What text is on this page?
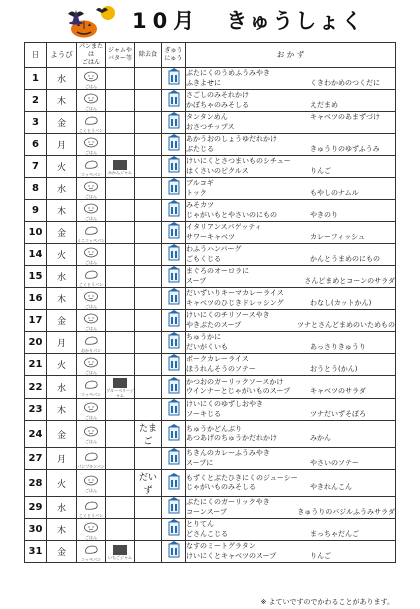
10月 きゅうしょく
日	ようび	パンまたは
ごはん	ジャムや
バター等	除去食	ぎゅう
にゅう	お か ず
1	水	ごはん				ぶたにくのうめふうみやき
ふきよせに くきわかめのつくだに

2	木	ごはん				さごしのみそれかけ
かぼちゃのみそしる えだまめ

3	金	こくとうパン				タンタンめん キャベツのあまずづけ
おさつチップス

6	月	ごはん				あかうおのしょうゆだれかけ
ぶたじる きゅうりのゆずふうみ

7	火	コッペパン	みかんジャム			けいにくとさつまいものシチュー
はくさいのピクルス りんご

8	水	ごはん				ブルコギ
トック もやしのナムル

9	木	ごはん				みそカツ
じゃがいもとやさいのにもの やきのり

10	金	ミニコッペパン				イタリアンスパゲッティ
サワーキャベツ カレーフィッシュ

14	火	ごはん				わふうハンバーグ
ごもくじる かんとうまめのにもの

15	水	こくとうパン				まぐろのオーロラに
スープ さんどまめとコーンのサラダ

16	木	ごはん				だいずいりキーマカレーライス
キャベツのひじきドレッシング わなし(カットかん)

17	金	ごはん				けいにくのチリソースやき
やきぶたのスープ ツナとさんどまめのいためもの

20	月	おかりパン				ちゅうかに
だいがくいも あっさりきゅうり

21	火	ごはん				ポークカレーライス
ほうれんそうのソテー おうとう(かん)

22	水	コッペパン	ブルーベリージャム			かつおのガーリックソースかけ
ウインナーとじゃがいものスープ キャベツのサラダ

23	木	ごはん				けいにくのゆずしおやき
ソーキじる ツナだいずそぼろ

24	金	ごはん		たまご		ちゅうかどんぶり
あつあげのちゅうかだれかけ みかん

27	月	パンプキンパン				ちきんのカレーふうみやき
スープに やさいのソテー

28	火	ごはん		だいず		もずくとぶたひきにくのジューシー
じゃがいものみそしる やきれんこん

29	水	こくとうパン				ぶたにくのガーリックやき
コーンスープ きゅうりのバジルふうみサラダ

30	木	ごはん				とりてん
どさんこじる まっちゃだんご

31	金	コッペパン	いちごジャム			なすのミートグラタン
けいにくとキャベツのスープ りんご
※ よていですのでかわることがあります。
